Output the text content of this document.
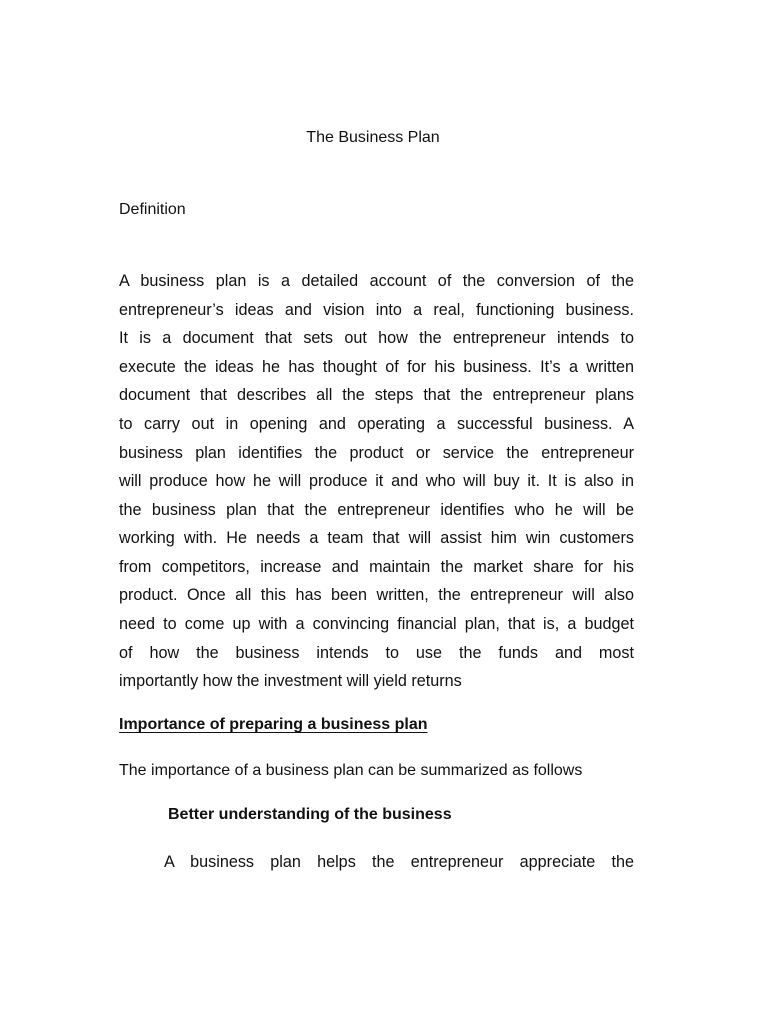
The Business Plan
Definition
A business plan is a detailed account of the conversion of the
entrepreneur’s ideas and vision into a real, functioning business.
It is a document that sets out how the entrepreneur intends to
execute the ideas he has thought of for his business. It’s a written
document that describes all the steps that the entrepreneur plans
to carry out in opening and operating a successful business. A
business plan identifies the product or service the entrepreneur
will produce how he will produce it and who will buy it. It is also in
the business plan that the entrepreneur identifies who he will be
working with. He needs a team that will assist him win customers
from competitors, increase and maintain the market share for his
product. Once all this has been written, the entrepreneur will also
need to come up with a convincing financial plan, that is, a budget
of how the business intends to use the funds and most
importantly how the investment will yield returns
Importance of preparing a business plan
The importance of a business plan can be summarized as follows
Better understanding of the business
A business plan helps the entrepreneur appreciate the
